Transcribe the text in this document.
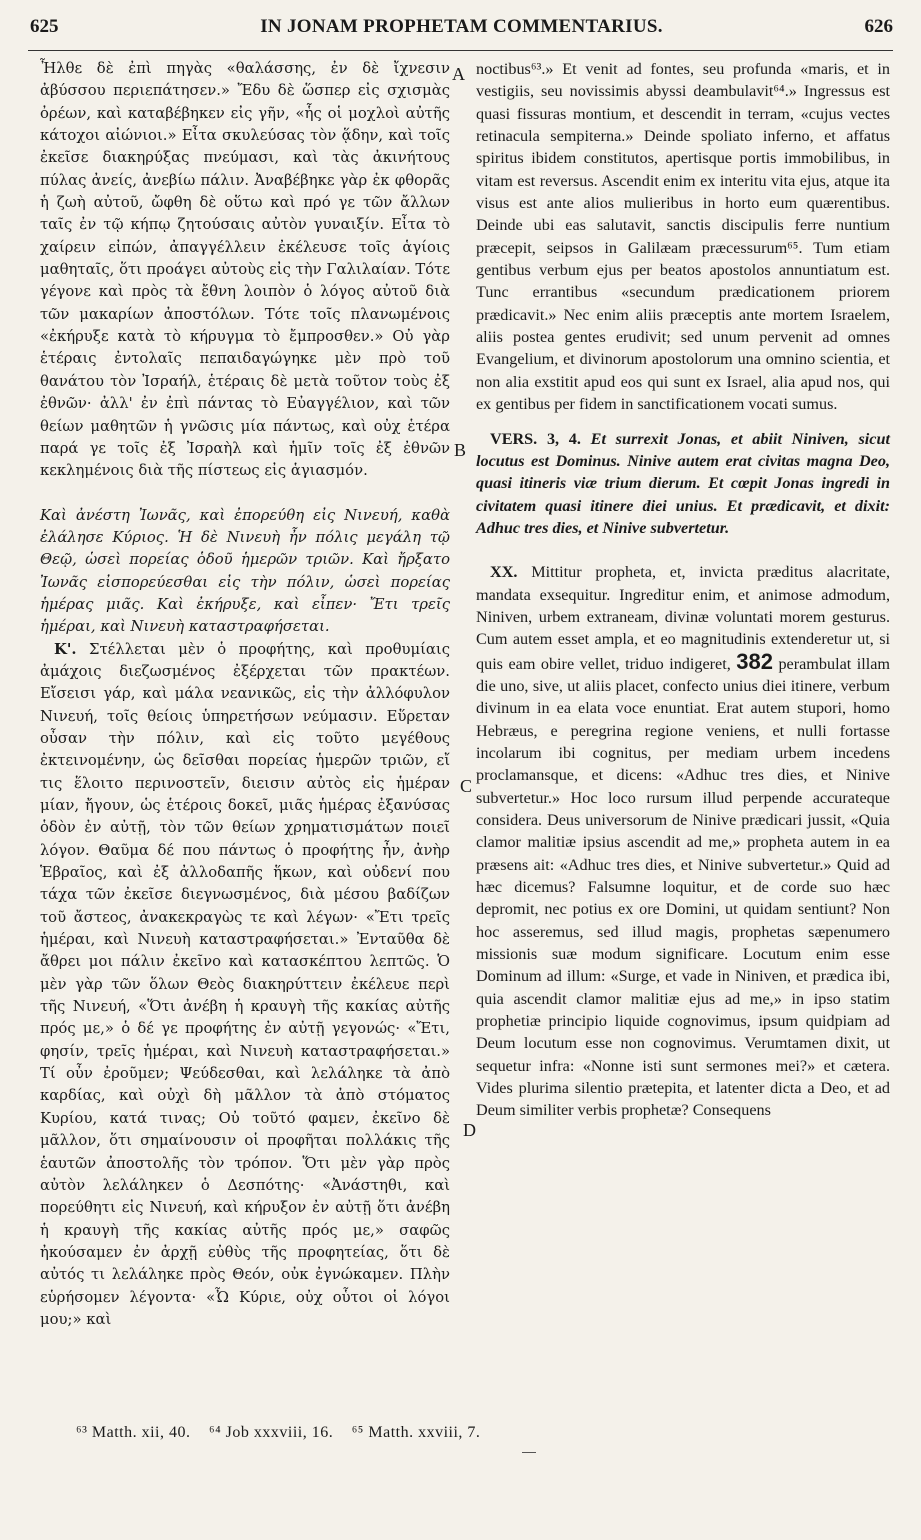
625	IN JONAM PROPHETAM COMMENTARIUS.	626

Ἦλθε δὲ ἐπὶ πηγὰς «θαλάσσης, ἐν δὲ ἴχνεσιν ἀβύσσου περιεπάτησεν.» Ἔδυ δὲ ὥσπερ εἰς σχισμὰς ὀρέων, καὶ καταβέβηκεν εἰς γῆν, «ἧς οἱ μοχλοὶ αὐτῆς κάτοχοι αἰώνιοι.» Εἶτα σκυλεύσας τὸν ᾅδην, καὶ τοῖς ἐκεῖσε διακηρύξας πνεύμασι, καὶ τὰς ἀκινήτους πύλας ἀνείς, ἀνεβίω πάλιν. Ἀναβέβηκε γὰρ ἐκ φθορᾶς ἡ ζωὴ αὐτοῦ, ὤφθη δὲ οὕτω καὶ πρό γε τῶν ἄλλων ταῖς ἐν τῷ κήπῳ ζητούσαις αὐτὸν γυναιξίν. Εἶτα τὸ χαίρειν εἰπών, ἀπαγγέλλειν ἐκέλευσε τοῖς ἁγίοις μαθηταῖς, ὅτι προάγει αὐτοὺς εἰς τὴν Γαλιλαίαν. Τότε γέγονε καὶ πρὸς τὰ ἔθνη λοιπὸν ὁ λόγος αὐτοῦ διὰ τῶν μακαρίων ἀποστόλων. Τότε τοῖς πλανωμένοις «ἐκήρυξε κατὰ τὸ κήρυγμα τὸ ἔμπροσθεν.» Οὐ γὰρ ἑτέραις ἐντολαῖς πεπαιδαγώγηκε μὲν πρὸ τοῦ θανάτου τὸν Ἰσραήλ, ἑτέραις δὲ μετὰ τοῦτον τοὺς ἐξ ἐθνῶν· ἀλλ' ἐν ἐπὶ πάντας τὸ Εὐαγγέλιον, καὶ τῶν θείων μαθητῶν ἡ γνῶσις μία πάντως, καὶ οὐχ ἑτέρα παρά γε τοῖς ἐξ Ἰσραὴλ καὶ ἡμῖν τοῖς ἐξ ἐθνῶν κεκλημένοις διὰ τῆς πίστεως εἰς ἁγιασμόν.

Καὶ ἀνέστη Ἰωνᾶς, καὶ ἐπορεύθη εἰς Νινευή, καθὰ ἐλάλησε Κύριος. Ἡ δὲ Νινευὴ ἦν πόλις μεγάλη τῷ Θεῷ, ὡσεὶ πορείας ὁδοῦ ἡμερῶν τριῶν. Καὶ ἤρξατο Ἰωνᾶς εἰσπορεύεσθαι εἰς τὴν πόλιν, ὡσεὶ πορείας ἡμέρας μιᾶς. Καὶ ἐκήρυξε, καὶ εἶπεν· Ἔτι τρεῖς ἡμέραι, καὶ Νινευὴ καταστραφήσεται.

Κ'. Στέλλεται μὲν ὁ προφήτης, καὶ προθυμίαις ἀμάχοις διεζωσμένος ἐξέρχεται τῶν πρακτέων. Εἴσεισι γάρ, καὶ μάλα νεανικῶς, εἰς τὴν ἀλλόφυλον Νινευή, τοῖς θείοις ὑπηρετήσων νεύμασιν. Εὕρεταν οὖσαν τὴν πόλιν, καὶ εἰς τοῦτο μεγέθους ἐκτεινομένην, ὡς δεῖσθαι πορείας ἡμερῶν τριῶν, εἴ τις ἕλοιτο περινοστεῖν, διεισιν αὐτὸς εἰς ἡμέραν μίαν, ἤγουν, ὡς ἑτέροις δοκεῖ, μιᾶς ἡμέρας ἐξανύσας ὁδὸν ἐν αὐτῇ, τὸν τῶν θείων χρηματισμάτων ποιεῖ λόγον. Θαῦμα δέ που πάντως ὁ προφήτης ἦν, ἀνὴρ Ἑβραῖος, καὶ ἐξ ἀλλοδαπῆς ἥκων, καὶ οὐδενί που τάχα τῶν ἐκεῖσε διεγνωσμένος, διὰ μέσου βαδίζων τοῦ ἄστεος, ἀνακεκραγὼς τε καὶ λέγων· «Ἔτι τρεῖς ἡμέραι, καὶ Νινευὴ καταστραφήσεται.» Ἐνταῦθα δὲ ἄθρει μοι πάλιν ἐκεῖνο καὶ κατασκέπτου λεπτῶς. Ὁ μὲν γὰρ τῶν ὅλων Θεὸς διακηρύττειν ἐκέλευε περὶ τῆς Νινευή, «Ὅτι ἀνέβη ἡ κραυγὴ τῆς κακίας αὐτῆς πρός με,» ὁ δέ γε προφήτης ἐν αὐτῇ γεγονώς· «Ἔτι, φησίν, τρεῖς ἡμέραι, καὶ Νινευὴ καταστραφήσεται.» Τί οὖν ἐροῦμεν; Ψεύδεσθαι, καὶ λελάληκε τὰ ἀπὸ καρδίας, καὶ οὐχὶ δὴ μᾶλλον τὰ ἀπὸ στόματος Κυρίου, κατά τινας; Οὐ τοῦτό φαμεν, ἐκεῖνο δὲ μᾶλλον, ὅτι σημαίνουσιν οἱ προφῆται πολλάκις τῆς ἑαυτῶν ἀποστολῆς τὸν τρόπον. Ὅτι μὲν γὰρ πρὸς αὐτὸν λελάληκεν ὁ Δεσπότης· «Ἀνάστηθι, καὶ πορεύθητι εἰς Νινευή, καὶ κήρυξον ἐν αὐτῇ ὅτι ἀνέβη ἡ κραυγὴ τῆς κακίας αὐτῆς πρός με,» σαφῶς ἠκούσαμεν ἐν ἀρχῇ εὐθὺς τῆς προφητείας, ὅτι δὲ αὐτός τι λελάληκε πρὸς Θεόν, οὐκ ἐγνώκαμεν. Πλὴν εὑρήσομεν λέγοντα· «Ὦ Κύριε, οὐχ οὗτοι οἱ λόγοι μου;» καὶ

A
B
C
D

noctibus⁶³.» Et venit ad fontes, seu profunda «maris, et in vestigiis, seu novissimis abyssi deambulavit⁶⁴.» Ingressus est quasi fissuras montium, et descendit in terram, «cujus vectes retinacula sempiterna.» Deinde spoliato inferno, et affatus spiritus ibidem constitutos, apertisque portis immobilibus, in vitam est reversus. Ascendit enim ex interitu vita ejus, atque ita visus est ante alios mulieribus in horto eum quærentibus. Deinde ubi eas salutavit, sanctis discipulis ferre nuntium præcepit, seipsos in Galilæam præcessurum⁶⁵. Tum etiam gentibus verbum ejus per beatos apostolos annuntiatum est. Tunc errantibus «secundum prædicationem priorem prædicavit.» Nec enim aliis præceptis ante mortem Israelem, aliis postea gentes erudivit; sed unum pervenit ad omnes Evangelium, et divinorum apostolorum una omnino scientia, et non alia exstitit apud eos qui sunt ex Israel, alia apud nos, qui ex gentibus per fidem in sanctificationem vocati sumus.

VERS. 3, 4. Et surrexit Jonas, et abiit Niniven, sicut locutus est Dominus. Ninive autem erat civitas magna Deo, quasi itineris viæ trium dierum. Et cœpit Jonas ingredi in civitatem quasi itinere diei unius. Et prædicavit, et dixit: Adhuc tres dies, et Ninive subvertetur.

XX. Mittitur propheta, et, invicta præditus alacritate, mandata exsequitur. Ingreditur enim, et animose admodum, Niniven, urbem extraneam, divinæ voluntati morem gesturus. Cum autem esset ampla, et eo magnitudinis extenderetur ut, si quis eam obire vellet, triduo indigeret, 382 perambulat illam die uno, sive, ut aliis placet, confecto unius diei itinere, verbum divinum in ea elata voce enuntiat. Erat autem stupori, homo Hebræus, e peregrina regione veniens, et nulli fortasse incolarum ibi cognitus, per mediam urbem incedens proclamansque, et dicens: «Adhuc tres dies, et Ninive subvertetur.» Hoc loco rursum illud perpende accurateque considera. Deus universorum de Ninive prædicari jussit, «Quia clamor malitiæ ipsius ascendit ad me,» propheta autem in ea præsens ait: «Adhuc tres dies, et Ninive subvertetur.» Quid ad hæc dicemus? Falsumne loquitur, et de corde suo hæc depromit, nec potius ex ore Domini, ut quidam sentiunt? Non hoc asseremus, sed illud magis, prophetas sæpenumero missionis suæ modum significare. Locutum enim esse Dominum ad illum: «Surge, et vade in Niniven, et prædica ibi, quia ascendit clamor malitiæ ejus ad me,» in ipso statim prophetiæ principio liquide cognovimus, ipsum quidpiam ad Deum locutum esse non cognovimus. Verumtamen dixit, ut sequetur infra: «Nonne isti sunt sermones mei?» et cætera. Vides plurima silentio prætерita, et latenter dicta a Deo, et ad Deum similiter verbis prophetæ? Consequens

⁶³ Matth. xii, 40. ⁶⁴ Job xxxviii, 16. ⁶⁵ Matth. xxviii, 7.
